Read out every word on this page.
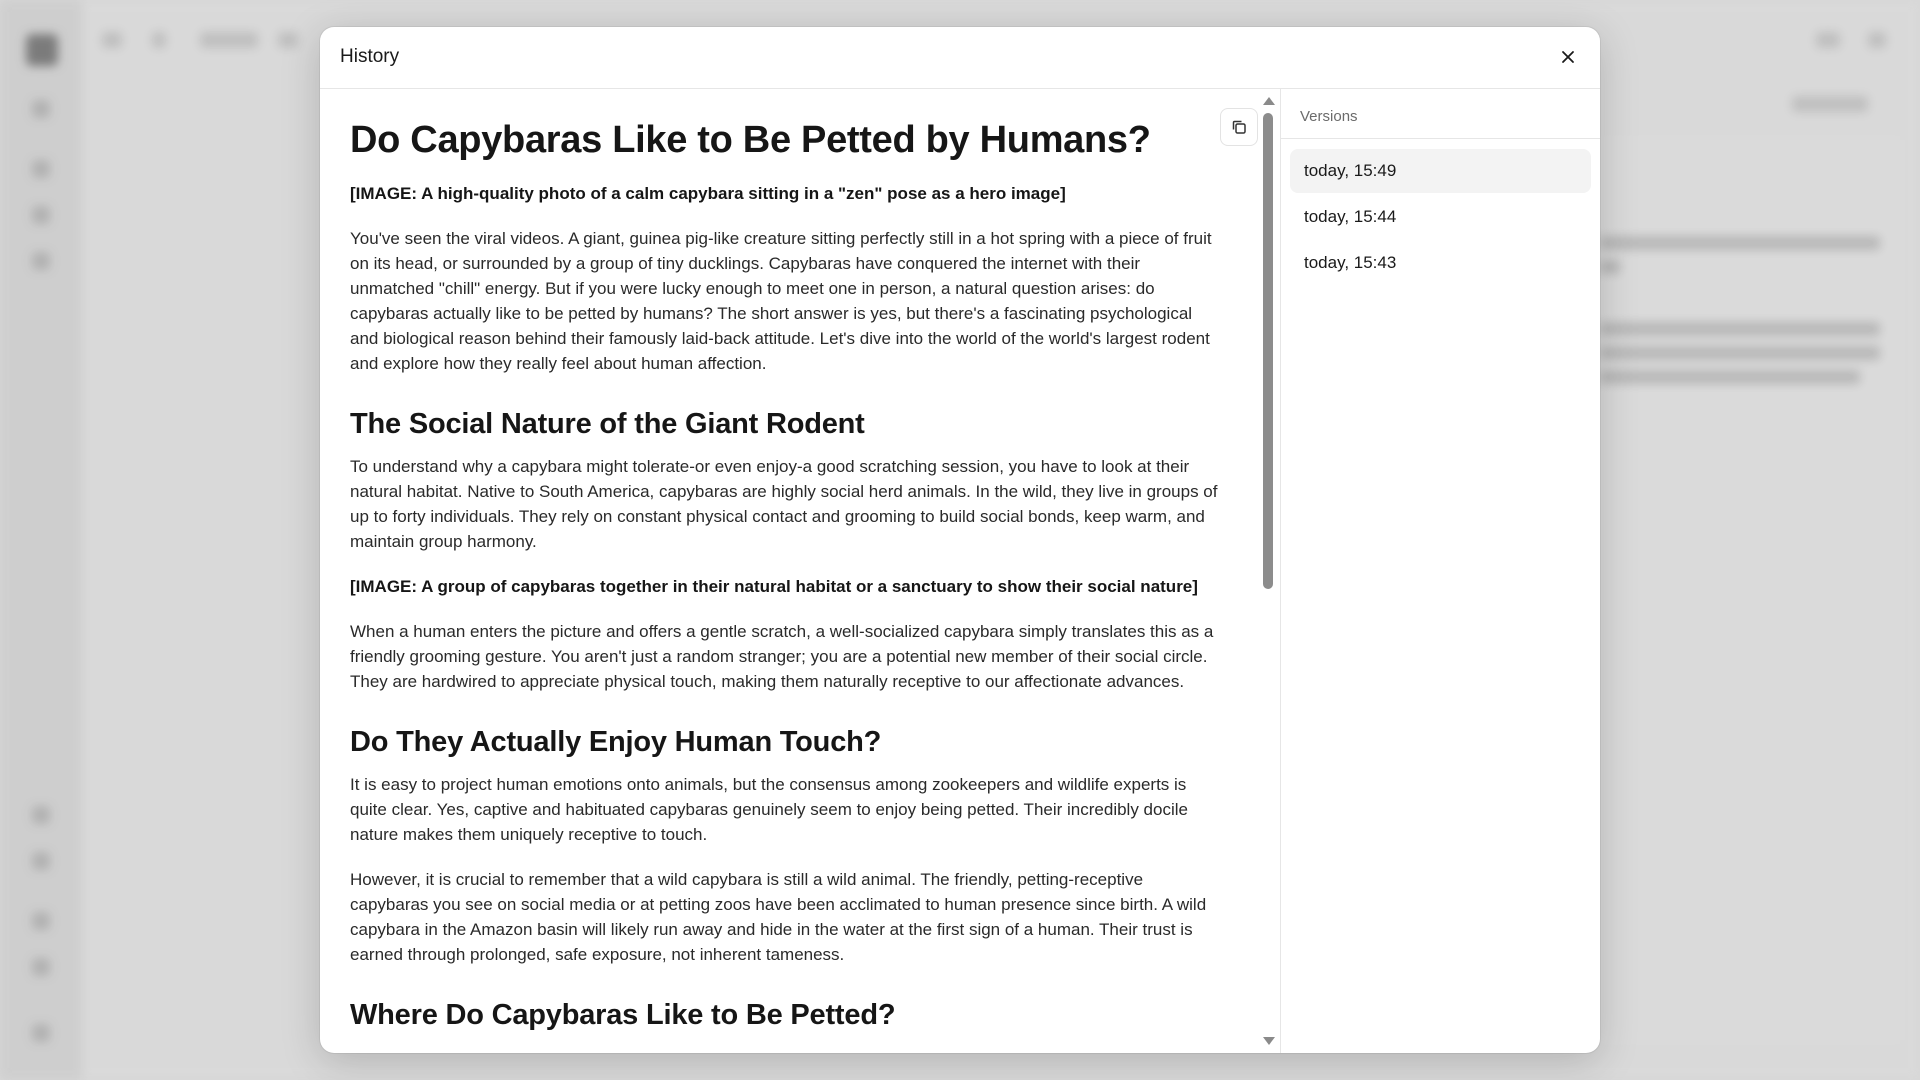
History
Do Capybaras Like to Be Petted by Humans?

[IMAGE: A high-quality photo of a calm capybara sitting in a "zen" pose as a hero image]

You've seen the viral videos. A giant, guinea pig-like creature sitting perfectly still in a hot spring with a piece of fruit on its head, or surrounded by a group of tiny ducklings. Capybaras have conquered the internet with their unmatched "chill" energy. But if you were lucky enough to meet one in person, a natural question arises: do capybaras actually like to be petted by humans? The short answer is yes, but there's a fascinating psychological and biological reason behind their famously laid-back attitude. Let's dive into the world of the world's largest rodent and explore how they really feel about human affection.

The Social Nature of the Giant Rodent

To understand why a capybara might tolerate-or even enjoy-a good scratching session, you have to look at their natural habitat. Native to South America, capybaras are highly social herd animals. In the wild, they live in groups of up to forty individuals. They rely on constant physical contact and grooming to build social bonds, keep warm, and maintain group harmony.

[IMAGE: A group of capybaras together in their natural habitat or a sanctuary to show their social nature]

When a human enters the picture and offers a gentle scratch, a well-socialized capybara simply translates this as a friendly grooming gesture. You aren't just a random stranger; you are a potential new member of their social circle. They are hardwired to appreciate physical touch, making them naturally receptive to our affectionate advances.

Do They Actually Enjoy Human Touch?

It is easy to project human emotions onto animals, but the consensus among zookeepers and wildlife experts is quite clear. Yes, captive and habituated capybaras genuinely seem to enjoy being petted. Their incredibly docile nature makes them uniquely receptive to touch.

However, it is crucial to remember that a wild capybara is still a wild animal. The friendly, petting-receptive capybaras you see on social media or at petting zoos have been acclimated to human presence since birth. A wild capybara in the Amazon basin will likely run away and hide in the water at the first sign of a human. Their trust is earned through prolonged, safe exposure, not inherent tameness.

Where Do Capybaras Like to Be Petted?
Versions
today, 15:49
today, 15:44
today, 15:43
